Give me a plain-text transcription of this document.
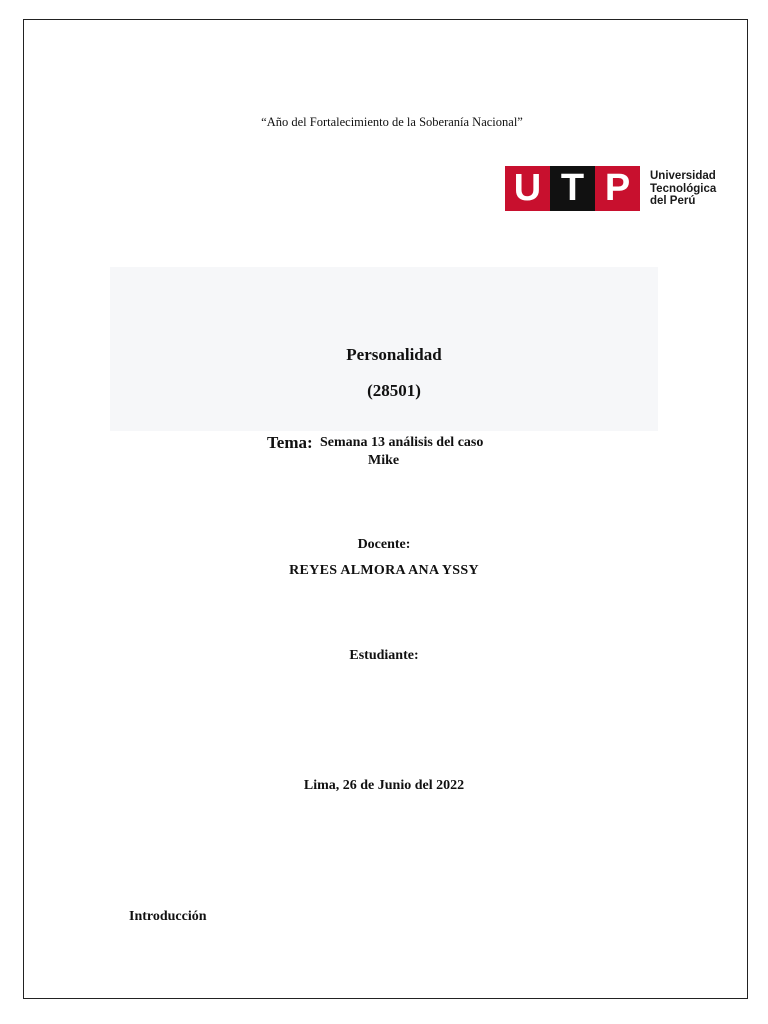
“Año del Fortalecimiento de la Soberanía Nacional”
U T P	Universidad
Tecnológica
del Perú
Personalidad
(28501)
Tema: Semana 13 análisis del caso
Mike
Docente:
REYES ALMORA ANA YSSY
Estudiante:
Lima, 26 de Junio del 2022
Introducción
